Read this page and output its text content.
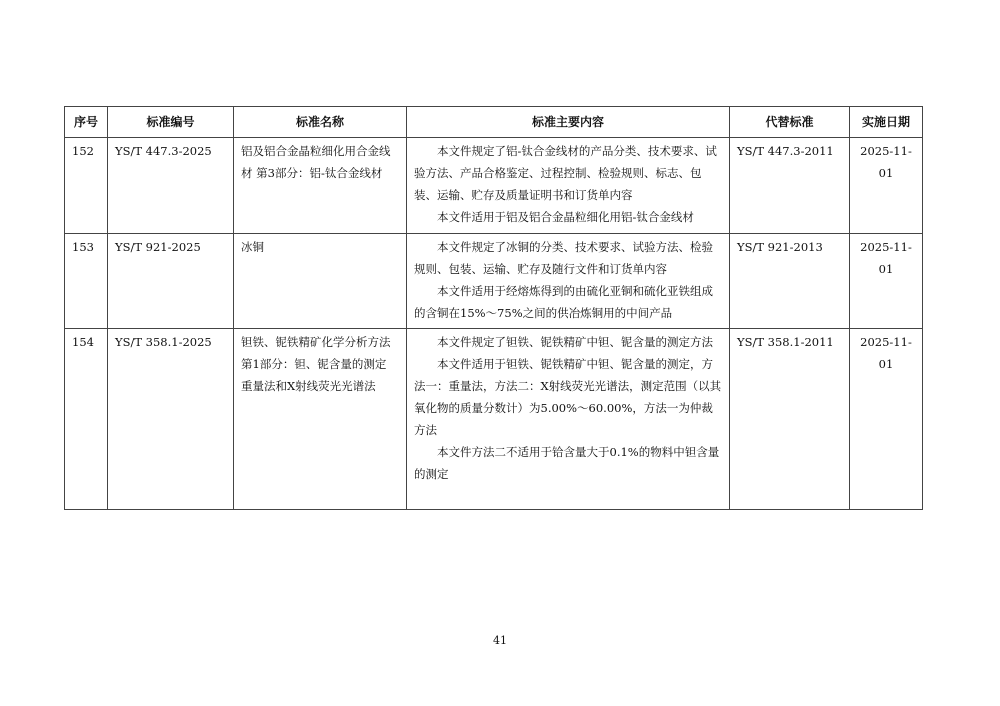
序号	标准编号	标准名称	标准主要内容	代替标准	实施日期
152	YS/T 447.3-2025	铝及铝合金晶粒细化用合金线材 第3部分：铝-钛合金线材	本文件规定了铝-钛合金线材的产品分类、技术要求、试验方法、产品合格鉴定、过程控制、检验规则、标志、包装、运输、贮存及质量证明书和订货单内容

本文件适用于铝及铝合金晶粒细化用铝-钛合金线材	YS/T 447.3-2011	2025-11-01
153	YS/T 921-2025	冰铜	本文件规定了冰铜的分类、技术要求、试验方法、检验规则、包装、运输、贮存及随行文件和订货单内容

本文件适用于经熔炼得到的由硫化亚铜和硫化亚铁组成的含铜在15%～75%之间的供冶炼铜用的中间产品	YS/T 921-2013	2025-11-01
154	YS/T 358.1-2025	钽铁、铌铁精矿化学分析方法 第1部分：钽、铌含量的测定 重量法和X射线荧光光谱法	本文件规定了钽铁、铌铁精矿中钽、铌含量的测定方法

本文件适用于钽铁、铌铁精矿中钽、铌含量的测定，方法一：重量法，方法二：X射线荧光光谱法，测定范围（以其氧化物的质量分数计）为5.00%～60.00%，方法一为仲裁方法

本文件方法二不适用于铪含量大于0.1%的物料中钽含量的测定	YS/T 358.1-2011	2025-11-01
41
